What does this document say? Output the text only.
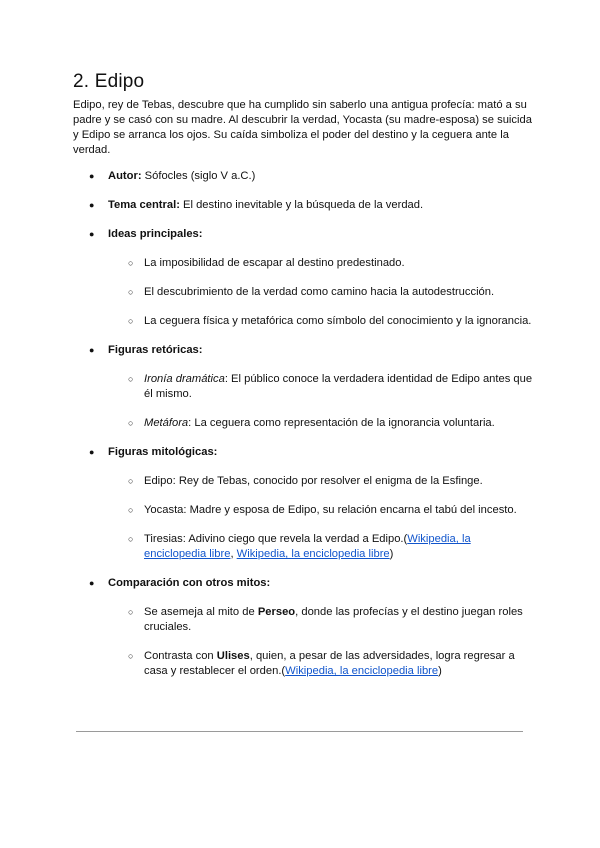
2. Edipo

Edipo, rey de Tebas, descubre que ha cumplido sin saberlo una antigua profecía: mató a su padre y se casó con su madre. Al descubrir la verdad, Yocasta (su madre-esposa) se suicida y Edipo se arranca los ojos. Su caída simboliza el poder del destino y la ceguera ante la verdad.

● Autor: Sófocles (siglo V a.C.)
● Tema central: El destino inevitable y la búsqueda de la verdad.
● Ideas principales:
○ La imposibilidad de escapar al destino predestinado.
○ El descubrimiento de la verdad como camino hacia la autodestrucción.
○ La ceguera física y metafórica como símbolo del conocimiento y la ignorancia.
● Figuras retóricas:
○ Ironía dramática: El público conoce la verdadera identidad de Edipo antes que él mismo.
○ Metáfora: La ceguera como representación de la ignorancia voluntaria.
● Figuras mitológicas:
○ Edipo: Rey de Tebas, conocido por resolver el enigma de la Esfinge.
○ Yocasta: Madre y esposa de Edipo, su relación encarna el tabú del incesto.
○ Tiresias: Adivino ciego que revela la verdad a Edipo.(Wikipedia, la enciclopedia libre, Wikipedia, la enciclopedia libre)
● Comparación con otros mitos:
○ Se asemeja al mito de Perseo, donde las profecías y el destino juegan roles cruciales.
○ Contrasta con Ulises, quien, a pesar de las adversidades, logra regresar a casa y restablecer el orden.(Wikipedia, la enciclopedia libre)
